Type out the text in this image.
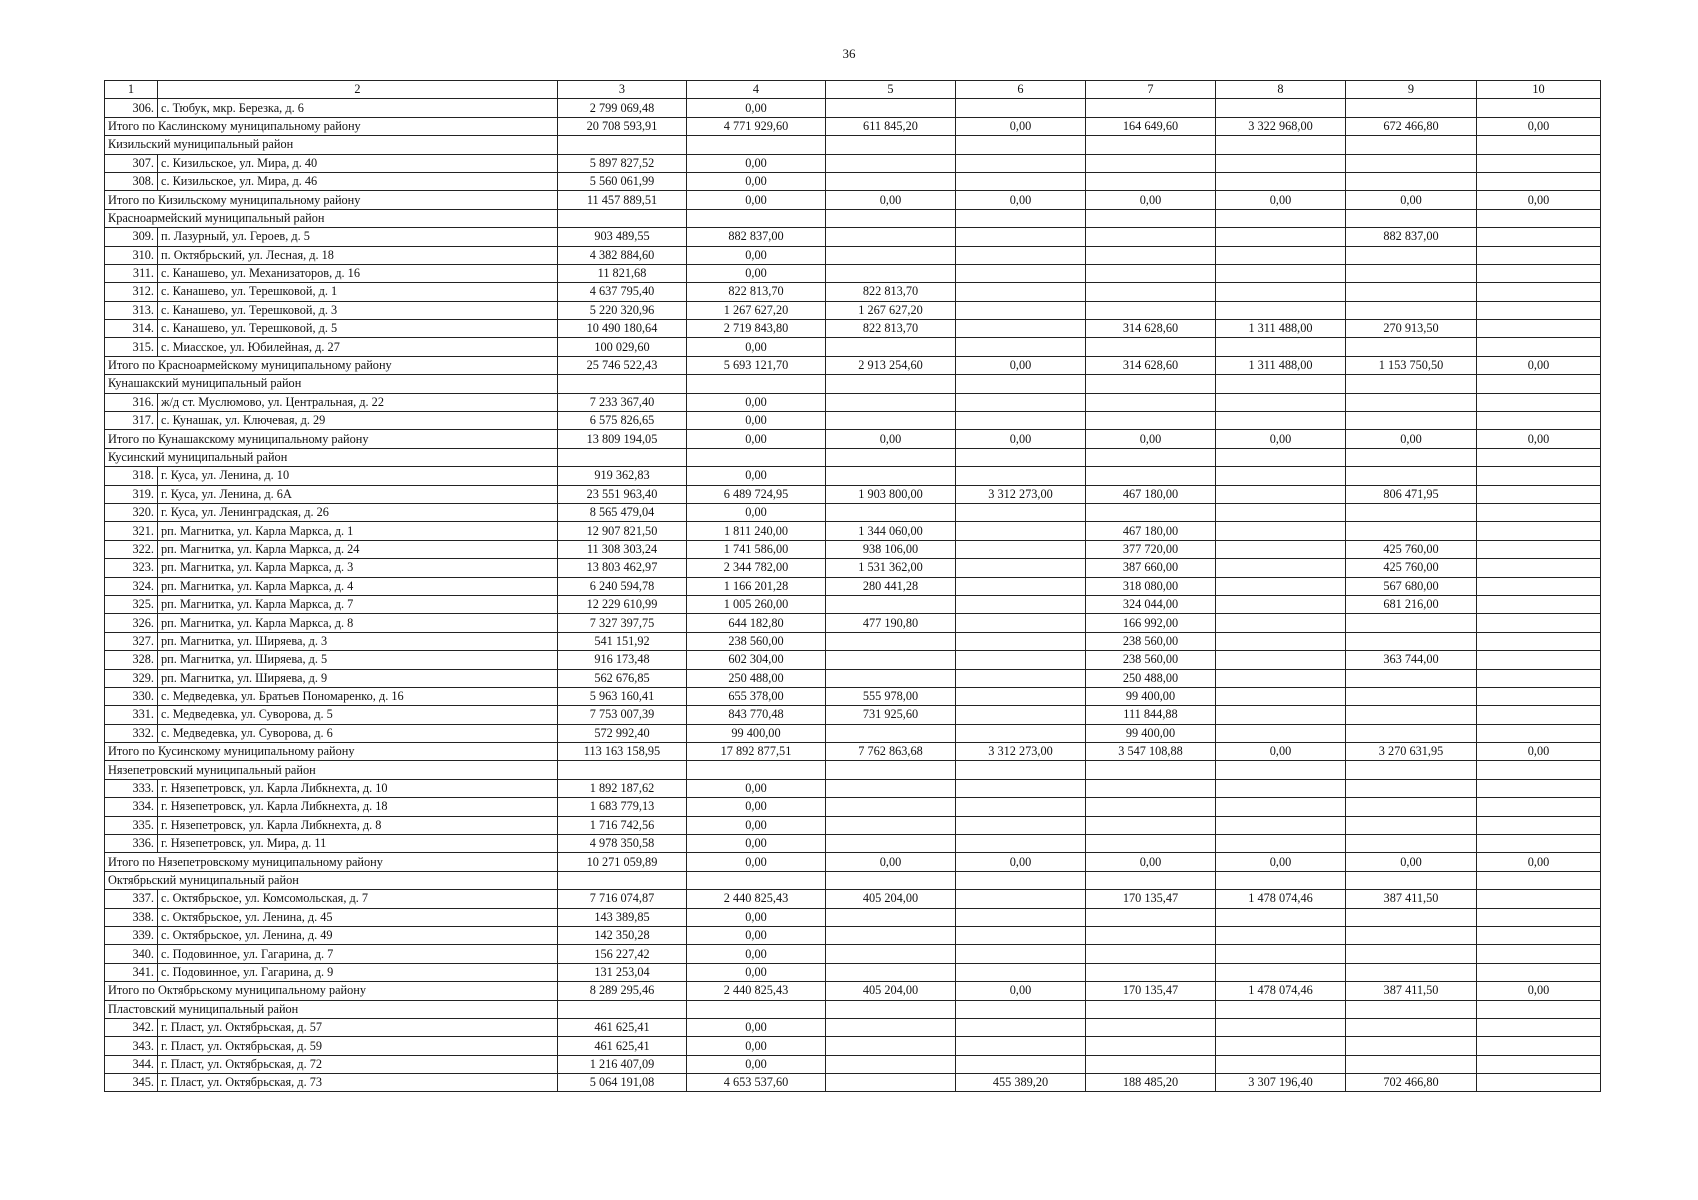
36
1	2	3	4	5	6	7	8	9	10
306.	с. Тюбук, мкр. Березка, д. 6	2 799 069,48	0,00						
Итого по Каслинскому муниципальному району		20 708 593,91	4 771 929,60	611 845,20	0,00	164 649,60	3 322 968,00	672 466,80	0,00
Кизильский муниципальный район									
307.	с. Кизильское, ул. Мира, д. 40	5 897 827,52	0,00						
308.	с. Кизильское, ул. Мира, д. 46	5 560 061,99	0,00						
Итого по Кизильскому муниципальному району		11 457 889,51	0,00	0,00	0,00	0,00	0,00	0,00	0,00
Красноармейский муниципальный район									
309.	п. Лазурный, ул. Героев, д. 5	903 489,55	882 837,00					882 837,00	
310.	п. Октябрьский, ул. Лесная, д. 18	4 382 884,60	0,00						
311.	с. Канашево, ул. Механизаторов, д. 16	11 821,68	0,00						
312.	с. Канашево, ул. Терешковой, д. 1	4 637 795,40	822 813,70	822 813,70					
313.	с. Канашево, ул. Терешковой, д. 3	5 220 320,96	1 267 627,20	1 267 627,20					
314.	с. Канашево, ул. Терешковой, д. 5	10 490 180,64	2 719 843,80	822 813,70		314 628,60	1 311 488,00	270 913,50	
315.	с. Миасское, ул. Юбилейная, д. 27	100 029,60	0,00						
Итого по Красноармейскому муниципальному району		25 746 522,43	5 693 121,70	2 913 254,60	0,00	314 628,60	1 311 488,00	1 153 750,50	0,00
Кунашакский муниципальный район									
316.	ж/д ст. Муслюмово, ул. Центральная, д. 22	7 233 367,40	0,00						
317.	с. Кунашак, ул. Ключевая, д. 29	6 575 826,65	0,00						
Итого по Кунашакскому муниципальному району		13 809 194,05	0,00	0,00	0,00	0,00	0,00	0,00	0,00
Кусинский муниципальный район									
318.	г. Куса, ул. Ленина, д. 10	919 362,83	0,00						
319.	г. Куса, ул. Ленина, д. 6А	23 551 963,40	6 489 724,95	1 903 800,00	3 312 273,00	467 180,00		806 471,95	
320.	г. Куса, ул. Ленинградская, д. 26	8 565 479,04	0,00						
321.	рп. Магнитка, ул. Карла Маркса, д. 1	12 907 821,50	1 811 240,00	1 344 060,00		467 180,00			
322.	рп. Магнитка, ул. Карла Маркса, д. 24	11 308 303,24	1 741 586,00	938 106,00		377 720,00		425 760,00	
323.	рп. Магнитка, ул. Карла Маркса, д. 3	13 803 462,97	2 344 782,00	1 531 362,00		387 660,00		425 760,00	
324.	рп. Магнитка, ул. Карла Маркса, д. 4	6 240 594,78	1 166 201,28	280 441,28		318 080,00		567 680,00	
325.	рп. Магнитка, ул. Карла Маркса, д. 7	12 229 610,99	1 005 260,00			324 044,00		681 216,00	
326.	рп. Магнитка, ул. Карла Маркса, д. 8	7 327 397,75	644 182,80	477 190,80		166 992,00			
327.	рп. Магнитка, ул. Ширяева, д. 3	541 151,92	238 560,00			238 560,00			
328.	рп. Магнитка, ул. Ширяева, д. 5	916 173,48	602 304,00			238 560,00		363 744,00	
329.	рп. Магнитка, ул. Ширяева, д. 9	562 676,85	250 488,00			250 488,00			
330.	с. Медведевка, ул. Братьев Пономаренко, д. 16	5 963 160,41	655 378,00	555 978,00		99 400,00			
331.	с. Медведевка, ул. Суворова, д. 5	7 753 007,39	843 770,48	731 925,60		111 844,88			
332.	с. Медведевка, ул. Суворова, д. 6	572 992,40	99 400,00			99 400,00			
Итого по Кусинскому муниципальному району		113 163 158,95	17 892 877,51	7 762 863,68	3 312 273,00	3 547 108,88	0,00	3 270 631,95	0,00
Нязепетровский муниципальный район									
333.	г. Нязепетровск, ул. Карла Либкнехта, д. 10	1 892 187,62	0,00						
334.	г. Нязепетровск, ул. Карла Либкнехта, д. 18	1 683 779,13	0,00						
335.	г. Нязепетровск, ул. Карла Либкнехта, д. 8	1 716 742,56	0,00						
336.	г. Нязепетровск, ул. Мира, д. 11	4 978 350,58	0,00						
Итого по Нязепетровскому муниципальному району		10 271 059,89	0,00	0,00	0,00	0,00	0,00	0,00	0,00
Октябрьский муниципальный район									
337.	с. Октябрьское, ул. Комсомольская, д. 7	7 716 074,87	2 440 825,43	405 204,00		170 135,47	1 478 074,46	387 411,50	
338.	с. Октябрьское, ул. Ленина, д. 45	143 389,85	0,00						
339.	с. Октябрьское, ул. Ленина, д. 49	142 350,28	0,00						
340.	с. Подовинное, ул. Гагарина, д. 7	156 227,42	0,00						
341.	с. Подовинное, ул. Гагарина, д. 9	131 253,04	0,00						
Итого по Октябрьскому муниципальному району		8 289 295,46	2 440 825,43	405 204,00	0,00	170 135,47	1 478 074,46	387 411,50	0,00
Пластовский муниципальный район									
342.	г. Пласт, ул. Октябрьская, д. 57	461 625,41	0,00						
343.	г. Пласт, ул. Октябрьская, д. 59	461 625,41	0,00						
344.	г. Пласт, ул. Октябрьская, д. 72	1 216 407,09	0,00						
345.	г. Пласт, ул. Октябрьская, д. 73	5 064 191,08	4 653 537,60		455 389,20	188 485,20	3 307 196,40	702 466,80	
